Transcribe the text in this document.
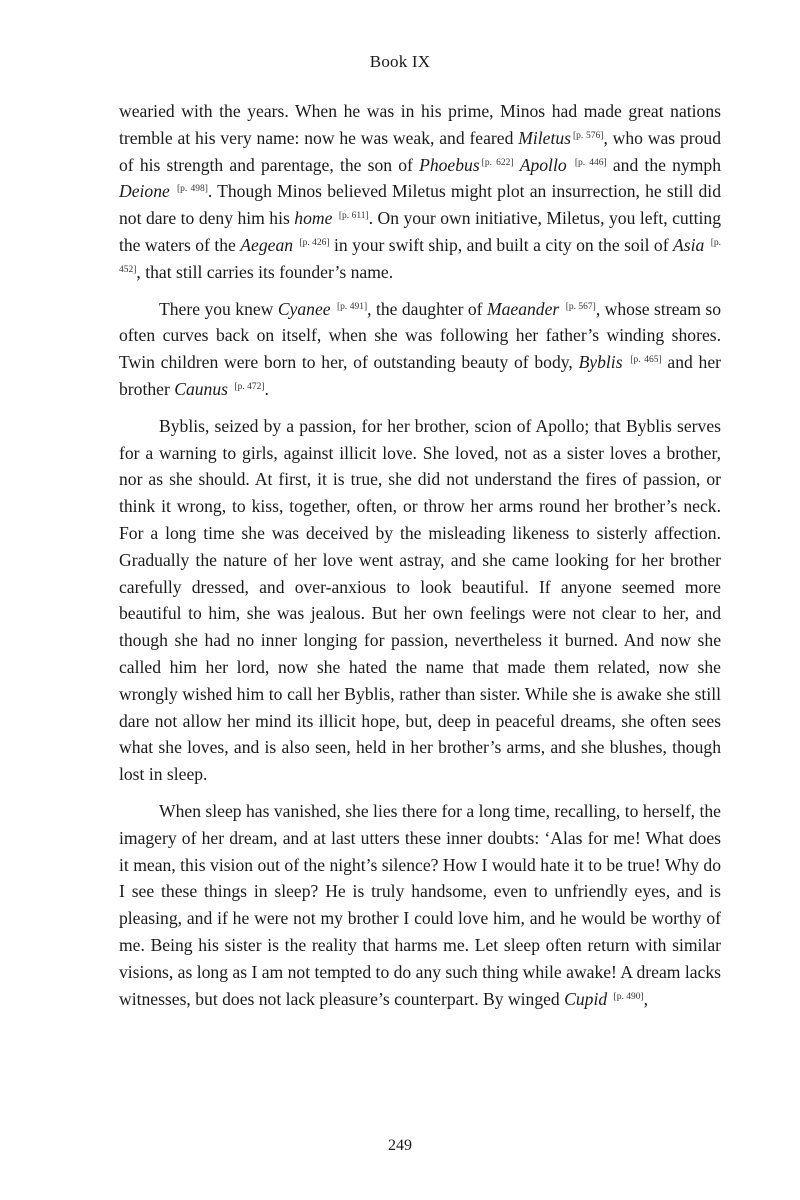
Book IX

wearied with the years. When he was in his prime, Minos had made great nations tremble at his very name: now he was weak, and feared Miletus [p. 576], who was proud of his strength and parentage, the son of Phoebus [p. 622] Apollo [p. 446] and the nymph Deione [p. 498]. Though Minos believed Miletus might plot an insurrection, he still did not dare to deny him his home [p. 611]. On your own initiative, Miletus, you left, cutting the waters of the Aegean [p. 426] in your swift ship, and built a city on the soil of Asia [p. 452], that still carries its founder’s name.

There you knew Cyanee [p. 491], the daughter of Maeander [p. 567], whose stream so often curves back on itself, when she was following her father’s winding shores. Twin children were born to her, of outstanding beauty of body, Byblis [p. 465] and her brother Caunus [p. 472].

Byblis, seized by a passion, for her brother, scion of Apollo; that Byblis serves for a warning to girls, against illicit love. She loved, not as a sister loves a brother, nor as she should. At first, it is true, she did not understand the fires of passion, or think it wrong, to kiss, together, often, or throw her arms round her brother’s neck. For a long time she was deceived by the misleading likeness to sisterly affection. Gradually the nature of her love went astray, and she came looking for her brother carefully dressed, and over-anxious to look beautiful. If anyone seemed more beautiful to him, she was jealous. But her own feelings were not clear to her, and though she had no inner longing for passion, nevertheless it burned. And now she called him her lord, now she hated the name that made them related, now she wrongly wished him to call her Byblis, rather than sister. While she is awake she still dare not allow her mind its illicit hope, but, deep in peaceful dreams, she often sees what she loves, and is also seen, held in her brother’s arms, and she blushes, though lost in sleep.

When sleep has vanished, she lies there for a long time, recalling, to herself, the imagery of her dream, and at last utters these inner doubts: ‘Alas for me! What does it mean, this vision out of the night’s silence? How I would hate it to be true! Why do I see these things in sleep? He is truly handsome, even to unfriendly eyes, and is pleasing, and if he were not my brother I could love him, and he would be worthy of me. Being his sister is the reality that harms me. Let sleep often return with similar visions, as long as I am not tempted to do any such thing while awake! A dream lacks witnesses, but does not lack pleasure’s counterpart. By winged Cupid [p. 490],

249
